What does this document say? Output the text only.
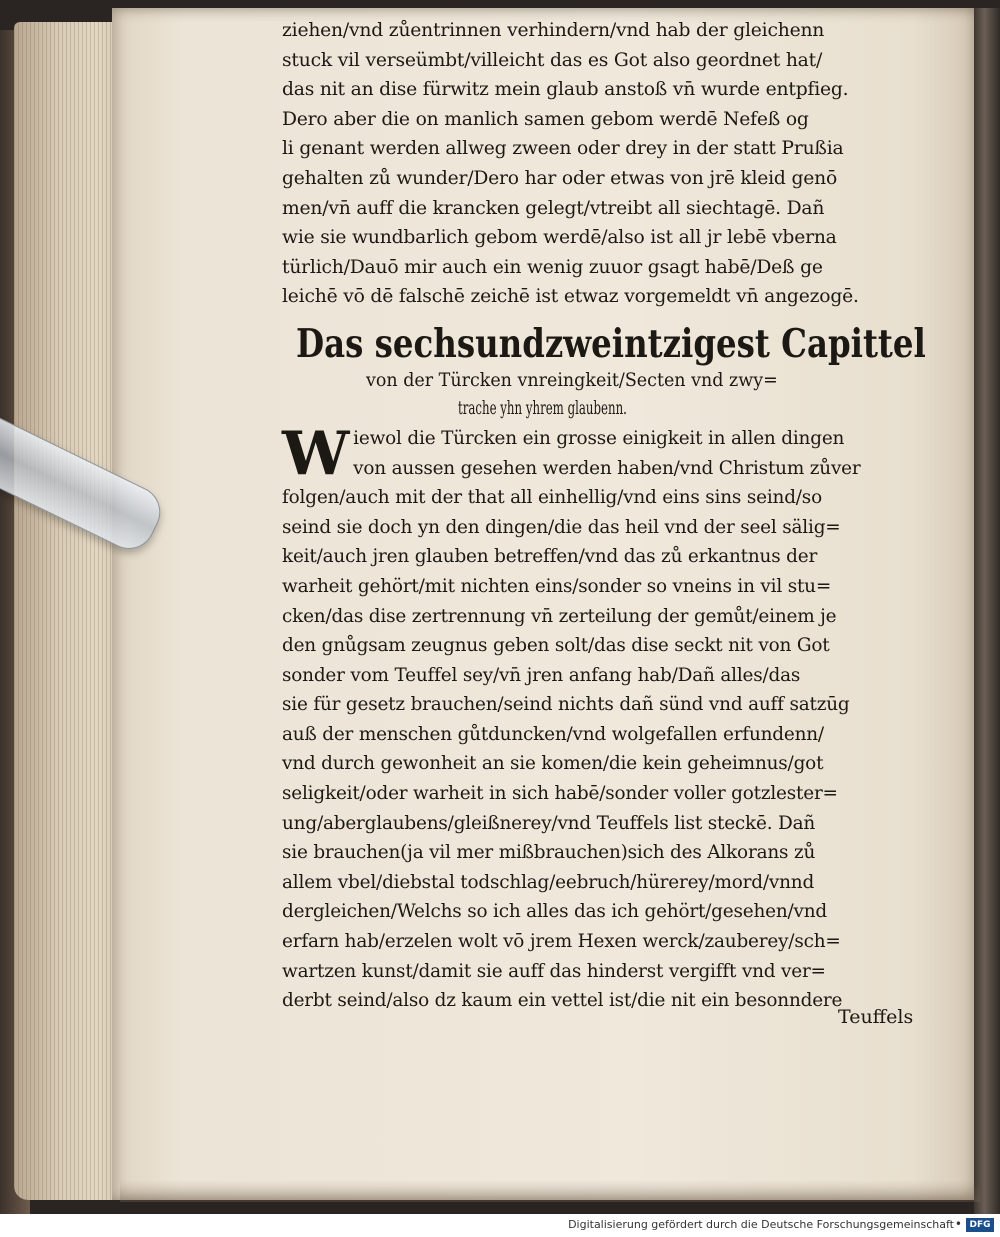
ziehen/vnd zůentrinnen verhindern/vnd hab der gleichenn
stuck vil verseümbt/villeicht das es Got also geordnet hat/
das nit an dise fürwitz mein glaub anstoß vn̄ wurde entpfieg.
Dero aber die on manlich samen gebom werdē Nefeß og
li genant werden allweg zween oder drey in der statt Prußia
gehalten zů wunder/Dero har oder etwas von jrē kleid genō
men/vn̄ auff die krancken gelegt/vtreibt all siechtagē. Dañ
wie sie wundbarlich gebom werdē/also ist all jr lebē vberna
türlich/Dauō mir auch ein wenig zuuor gsagt habē/Deß ge
leichē vō dē falschē zeichē ist etwaz vorgemeldt vn̄ angezogē.
Das sechsundzweintzigest Capittel
von der Türcken vnreingkeit/Secten vnd zwy=
trache yhn yhrem glaubenn.
W iewol die Türcken ein grosse einigkeit in allen dingen
von aussen gesehen werden haben/vnd Christum zůver
folgen/auch mit der that all einhellig/vnd eins sins seind/so
seind sie doch yn den dingen/die das heil vnd der seel sälig=
keit/auch jren glauben betreffen/vnd das zů erkantnus der
warheit gehört/mit nichten eins/sonder so vneins in vil stu=
cken/das dise zertrennung vn̄ zerteilung der gemůt/einem je
den gnůgsam zeugnus geben solt/das dise seckt nit von Got
sonder vom Teuffel sey/vn̄ jren anfang hab/Dañ alles/das
sie für gesetz brauchen/seind nichts dañ sünd vnd auff satzūg
auß der menschen gůtduncken/vnd wolgefallen erfundenn/
vnd durch gewonheit an sie komen/die kein geheimnus/got
seligkeit/oder warheit in sich habē/sonder voller gotzlester=
ung/aberglaubens/gleißnerey/vnd Teuffels list steckē. Dañ
sie brauchen(ja vil mer mißbrauchen)sich des Alkorans zů
allem vbel/diebstal todschlag/eebruch/hürerey/mord/vnnd
dergleichen/Welchs so ich alles das ich gehört/gesehen/vnd
erfarn hab/erzelen wolt vō jrem Hexen werck/zauberey/sch=
wartzen kunst/damit sie auff das hinderst vergifft vnd ver=
derbt seind/also dz kaum ein vettel ist/die nit ein besonndere
Teuffels
Digitalisierung gefördert durch die Deutsche Forschungsgemeinschaft • DFG
